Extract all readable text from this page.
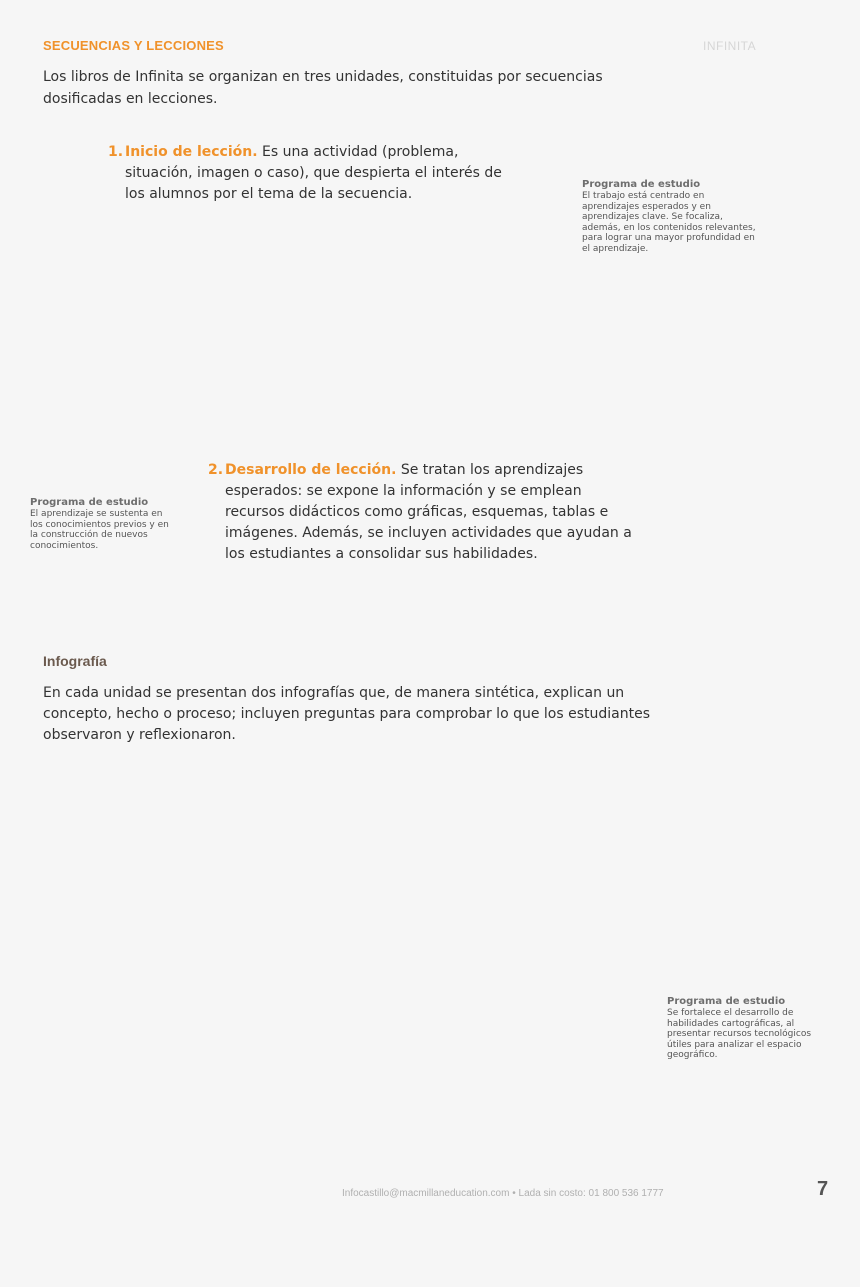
SECUENCIAS Y LECCIONES	INFINITA
Los libros de Infinita se organizan en tres unidades, constituidas por secuencias dosificadas en lecciones.
1. Inicio de lección. Es una actividad (problema, situación, imagen o caso), que despierta el interés de los alumnos por el tema de la secuencia.
Programa de estudio
El trabajo está centrado en aprendizajes esperados y en aprendizajes clave. Se focaliza, además, en los contenidos relevantes, para lograr una mayor profundidad en el aprendizaje.
Programa de estudio
El aprendizaje se sustenta en los conocimientos previos y en la construcción de nuevos conocimientos.
2. Desarrollo de lección. Se tratan los aprendizajes esperados: se expone la información y se emplean recursos didácticos como gráficas, esquemas, tablas e imágenes. Además, se incluyen actividades que ayudan a los estudiantes a consolidar sus habilidades.
Infografía
En cada unidad se presentan dos infografías que, de manera sintética, explican un concepto, hecho o proceso; incluyen preguntas para comprobar lo que los estudiantes observaron y reflexionaron.
Programa de estudio
Se fortalece el desarrollo de habilidades cartográficas, al presentar recursos tecnológicos útiles para analizar el espacio geográfico.
Infocastillo@macmillaneducation.com • Lada sin costo: 01 800 536 1777	7
